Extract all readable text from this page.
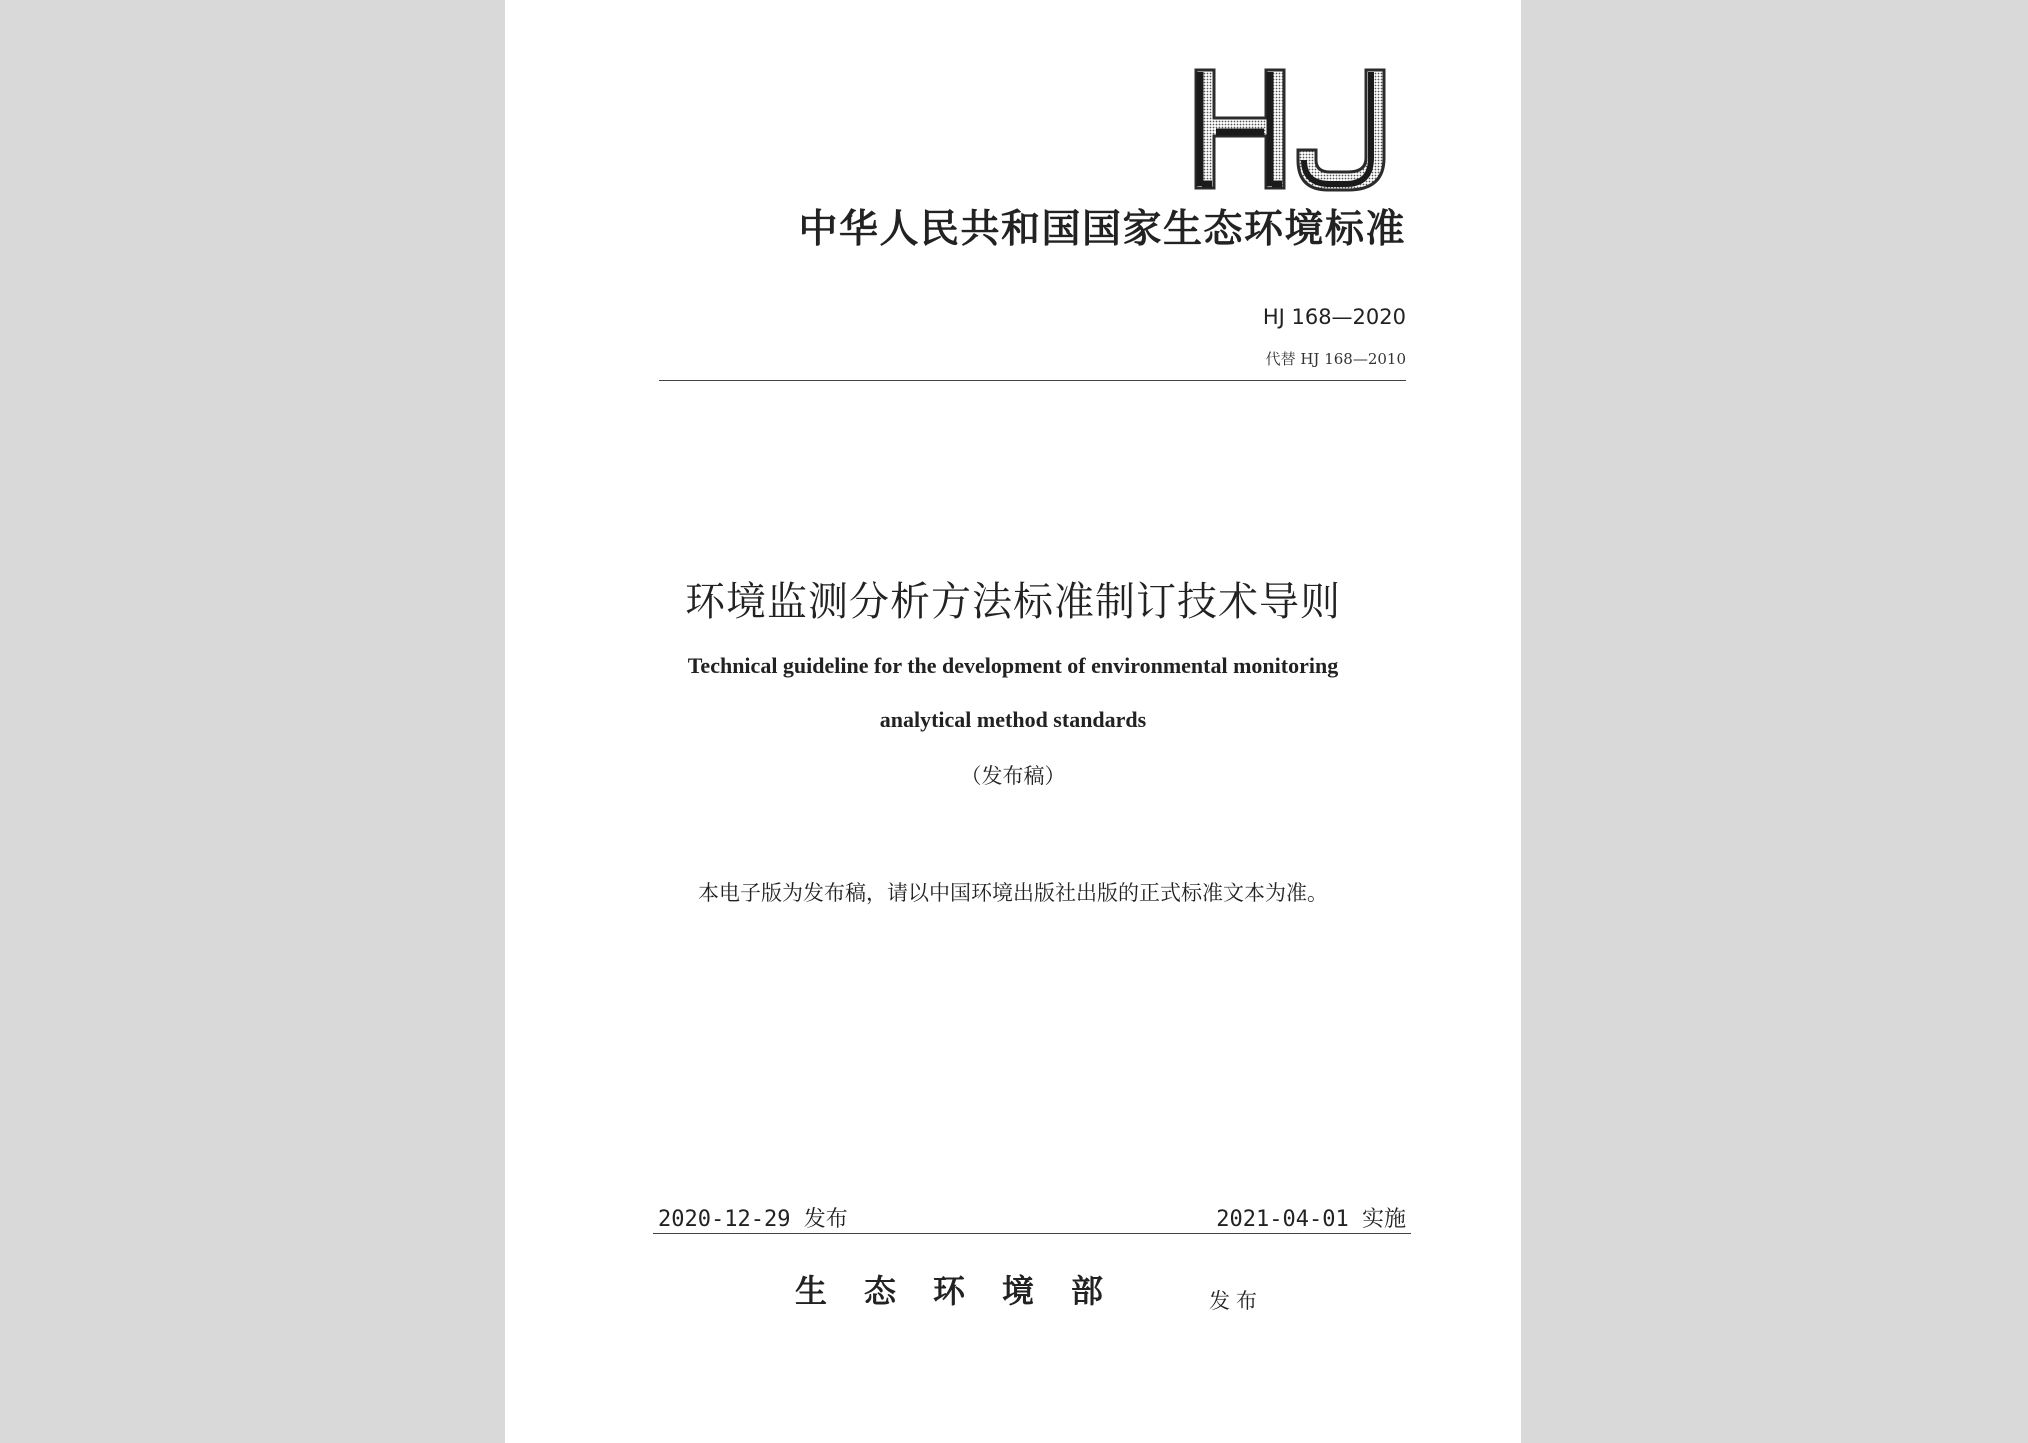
中华人民共和国国家生态环境标准
HJ 168—2020
代替 HJ 168—2010
环境监测分析方法标准制订技术导则
Technical guideline for the development of environmental monitoring
analytical method standards
（发布稿）
本电子版为发布稿，请以中国环境出版社出版的正式标准文本为准。
2020-12-29 发布	2021-04-01 实施
生态环境部	发布
